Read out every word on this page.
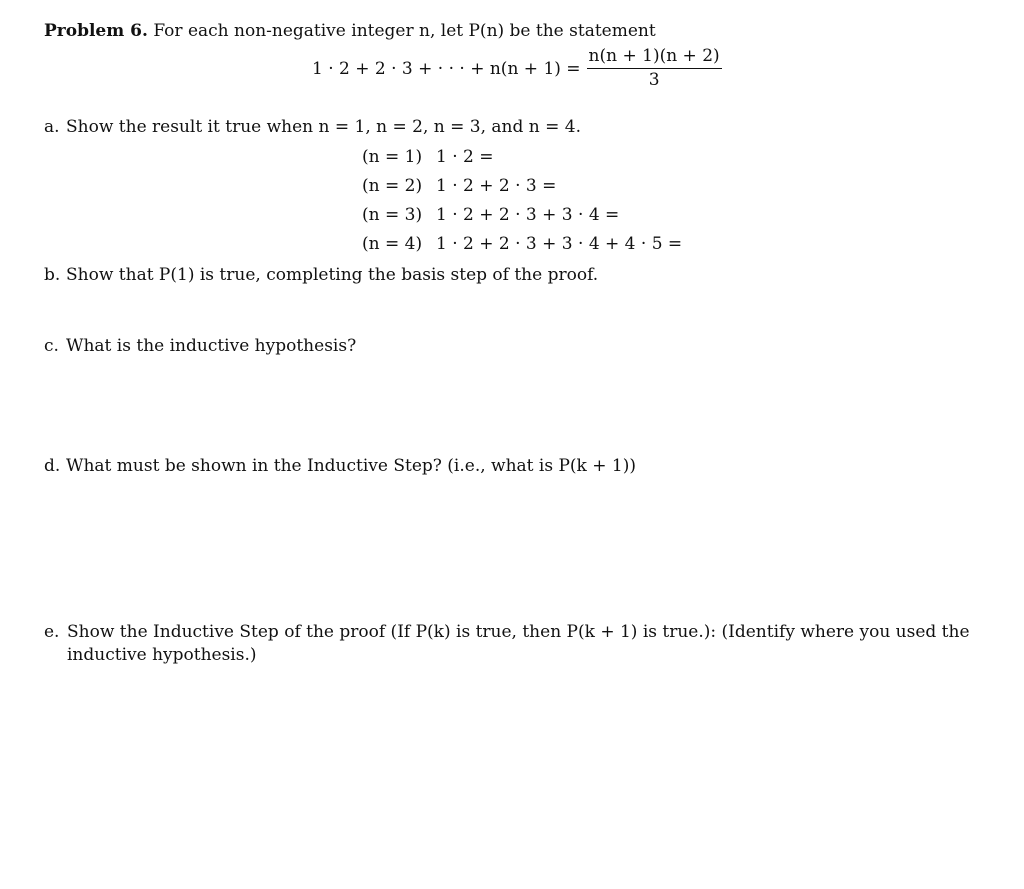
Problem 6. For each non-negative integer n, let P(n) be the statement
1 · 2 + 2 · 3 + · · · + $n(n + 1) = \frac{n(n + 1)(n + 2)}{3}$
a. Show the result it true when n = 1, n = 2, n = 3, and n = 4.
(n = 1) 1 · 2 =
(n = 2) 1 · 2 + 2 · 3 =
(n = 3) 1 · 2 + 2 · 3 + 3 · 4 =
(n = 4) 1 · 2 + 2 · 3 + 3 · 4 + 4 · 5 =
b. Show that P(1) is true, completing the basis step of the proof.
c. What is the inductive hypothesis?
d. What must be shown in the Inductive Step? (i.e., what is P(k + 1))
e. Show the Inductive Step of the proof (If P(k) is true, then P(k + 1) is true.): (Identify where you used the inductive hypothesis.)
